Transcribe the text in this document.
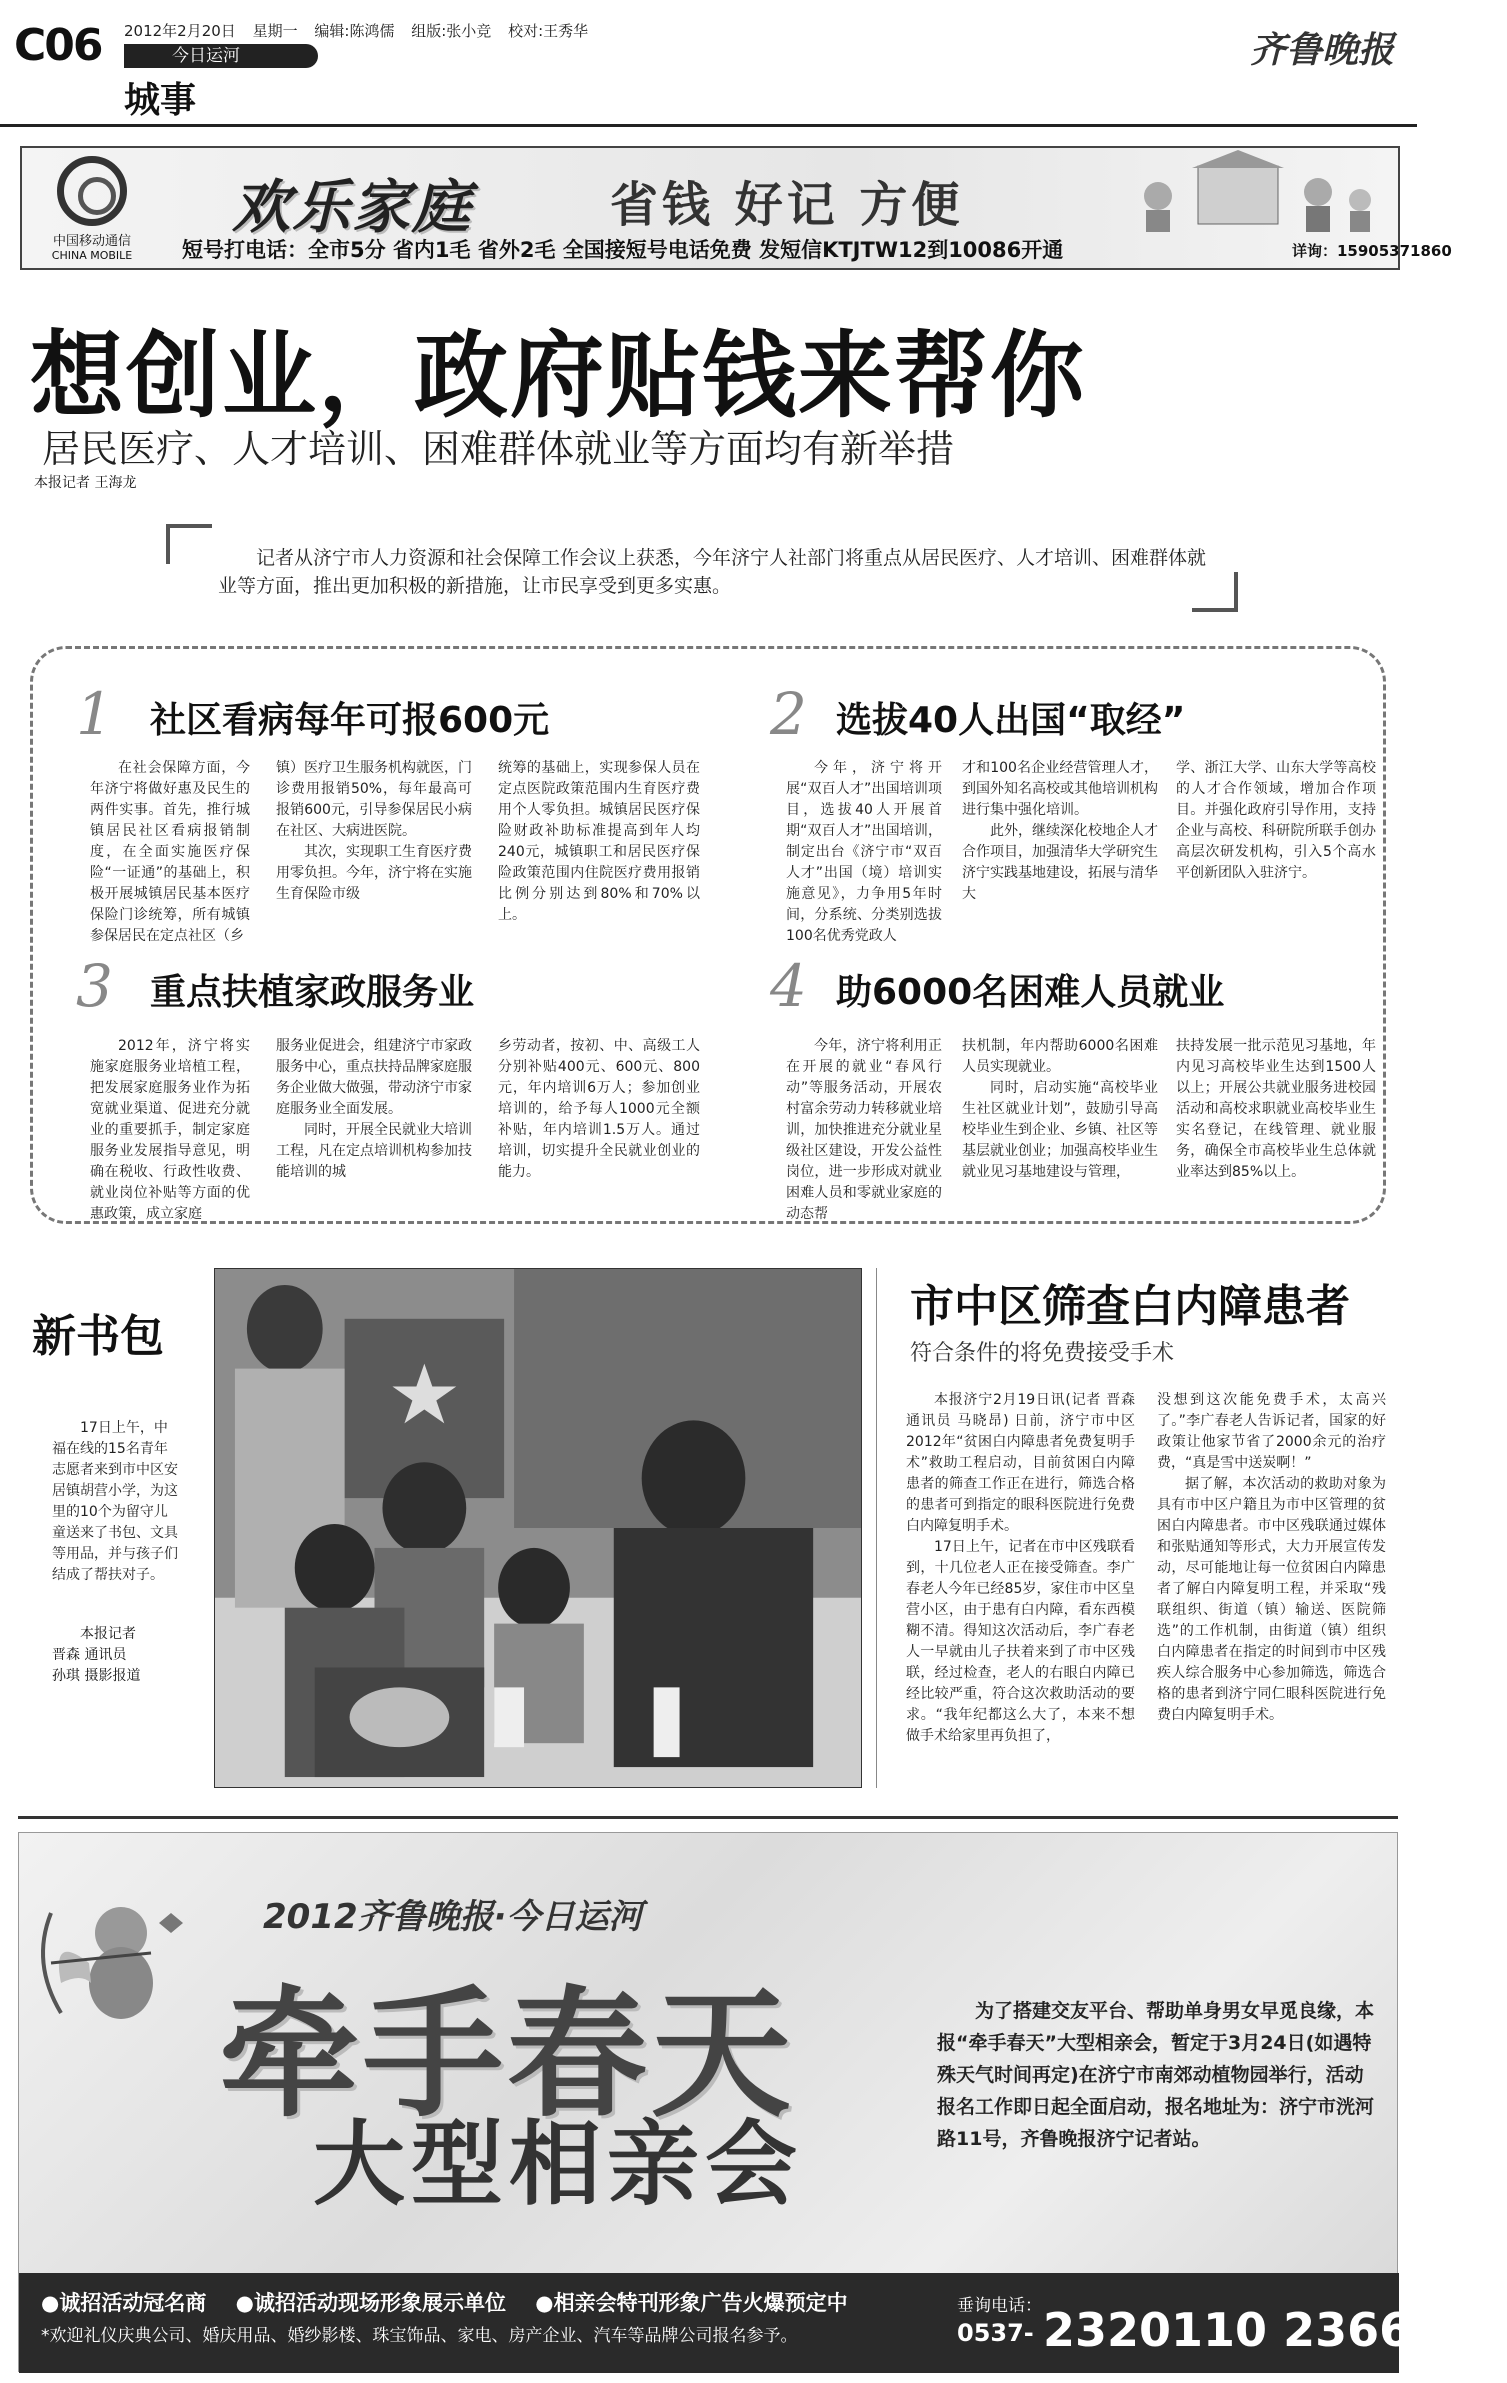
C06 2012年2月20日 星期一 编辑:陈鸿儒 组版:张小竞 校对:王秀华
今日运河
城事
齐鲁晚报
中国移动通信
CHINA MOBILE
欢乐家庭	省钱 好记 方便
短号打电话：全市5分 省内1毛 省外2毛 全国接短号电话免费 发短信KTJTW12到10086开通	详询：15905371860
想创业，政府贴钱来帮你
居民医疗、人才培训、困难群体就业等方面均有新举措
本报记者 王海龙
记者从济宁市人力资源和社会保障工作会议上获悉，今年济宁人社部门将重点从居民医疗、人才培训、困难群体就业等方面，推出更加积极的新措施，让市民享受到更多实惠。
1 社区看病每年可报600元

在社会保障方面，今年济宁将做好惠及民生的两件实事。首先，推行城镇居民社区看病报销制度，在全面实施医疗保险“一证通”的基础上，积极开展城镇居民基本医疗保险门诊统筹，所有城镇参保居民在定点社区（乡

镇）医疗卫生服务机构就医，门诊费用报销50%，每年最高可报销600元，引导参保居民小病在社区、大病进医院。

其次，实现职工生育医疗费用零负担。今年，济宁将在实施生育保险市级

统筹的基础上，实现参保人员在定点医院政策范围内生育医疗费用个人零负担。城镇居民医疗保险财政补助标准提高到年人均240元，城镇职工和居民医疗保险政策范围内住院医疗费用报销比例分别达到80%和70%以上。

2 选拔40人出国“取经”

今年，济宁将开展“双百人才”出国培训项目，选拔40人开展首期“双百人才”出国培训，制定出台《济宁市“双百人才”出国（境）培训实施意见》，力争用5年时间，分系统、分类别选拔100名优秀党政人

才和100名企业经营管理人才，到国外知名高校或其他培训机构进行集中强化培训。

此外，继续深化校地企人才合作项目，加强清华大学研究生济宁实践基地建设，拓展与清华大

学、浙江大学、山东大学等高校的人才合作领域，增加合作项目。并强化政府引导作用，支持企业与高校、科研院所联手创办高层次研发机构，引入5个高水平创新团队入驻济宁。

3 重点扶植家政服务业

2012年，济宁将实施家庭服务业培植工程，把发展家庭服务业作为拓宽就业渠道、促进充分就业的重要抓手，制定家庭服务业发展指导意见，明确在税收、行政性收费、就业岗位补贴等方面的优惠政策，成立家庭

服务业促进会，组建济宁市家政服务中心，重点扶持品牌家庭服务企业做大做强，带动济宁市家庭服务业全面发展。

同时，开展全民就业大培训工程，凡在定点培训机构参加技能培训的城

乡劳动者，按初、中、高级工人分别补贴400元、600元、800元，年内培训6万人；参加创业培训的，给予每人1000元全额补贴，年内培训1.5万人。通过培训，切实提升全民就业创业的能力。

4 助6000名困难人员就业

今年，济宁将利用正在开展的就业“春风行动”等服务活动，开展农村富余劳动力转移就业培训，加快推进充分就业星级社区建设，开发公益性岗位，进一步形成对就业困难人员和零就业家庭的动态帮

扶机制，年内帮助6000名困难人员实现就业。

同时，启动实施“高校毕业生社区就业计划”，鼓励引导高校毕业生到企业、乡镇、社区等基层就业创业；加强高校毕业生就业见习基地建设与管理，

扶持发展一批示范见习基地，年内见习高校毕业生达到1500人以上；开展公共就业服务进校园活动和高校求职就业高校毕业生实名登记，在线管理、就业服务，确保全市高校毕业生总体就业率达到85%以上。

新书包

17日上午，中福在线的15名青年志愿者来到市中区安居镇胡营小学，为这里的10个为留守儿童送来了书包、文具等用品，并与孩子们结成了帮扶对子。

本报记者
晋森 通讯员
孙琪 摄影报道
市中区筛查白内障患者
符合条件的将免费接受手术

本报济宁2月19日讯(记者 晋森 通讯员 马晓昂) 日前，济宁市中区2012年“贫困白内障患者免费复明手术”救助工程启动，目前贫困白内障患者的筛查工作正在进行，筛选合格的患者可到指定的眼科医院进行免费白内障复明手术。

17日上午，记者在市中区残联看到，十几位老人正在接受筛查。李广春老人今年已经85岁，家住市中区皇营小区，由于患有白内障，看东西模糊不清。得知这次活动后，李广春老人一早就由儿子扶着来到了市中区残联，经过检查，老人的右眼白内障已经比较严重，符合这次救助活动的要求。“我年纪都这么大了，本来不想做手术给家里再负担了，

没想到这次能免费手术，太高兴了。”李广春老人告诉记者，国家的好政策让他家节省了2000余元的治疗费，“真是雪中送炭啊！”

据了解，本次活动的救助对象为具有市中区户籍且为市中区管理的贫困白内障患者。市中区残联通过媒体和张贴通知等形式，大力开展宣传发动，尽可能地让每一位贫困白内障患者了解白内障复明工程，并采取“残联组织、街道（镇）输送、医院筛选”的工作机制，由街道（镇）组织白内障患者在指定的时间到市中区残疾人综合服务中心参加筛选，筛选合格的患者到济宁同仁眼科医院进行免费白内障复明手术。

2012齐鲁晚报·今日运河
牵手春天
大型相亲会
为了搭建交友平台、帮助单身男女早觅良缘，本报“牵手春天”大型相亲会，暂定于3月24日(如遇特殊天气时间再定)在济宁市南郊动植物园举行，活动报名工作即日起全面启动，报名地址为：济宁市洸河路11号，齐鲁晚报济宁记者站。
●诚招活动冠名商 ●诚招活动现场形象展示单位 ●相亲会特刊形象广告火爆预定中
*欢迎礼仪庆典公司、婚庆用品、婚纱影楼、珠宝饰品、家电、房产企业、汽车等品牌公司报名参予。
垂询电话：
0537- 2320110 2366100
